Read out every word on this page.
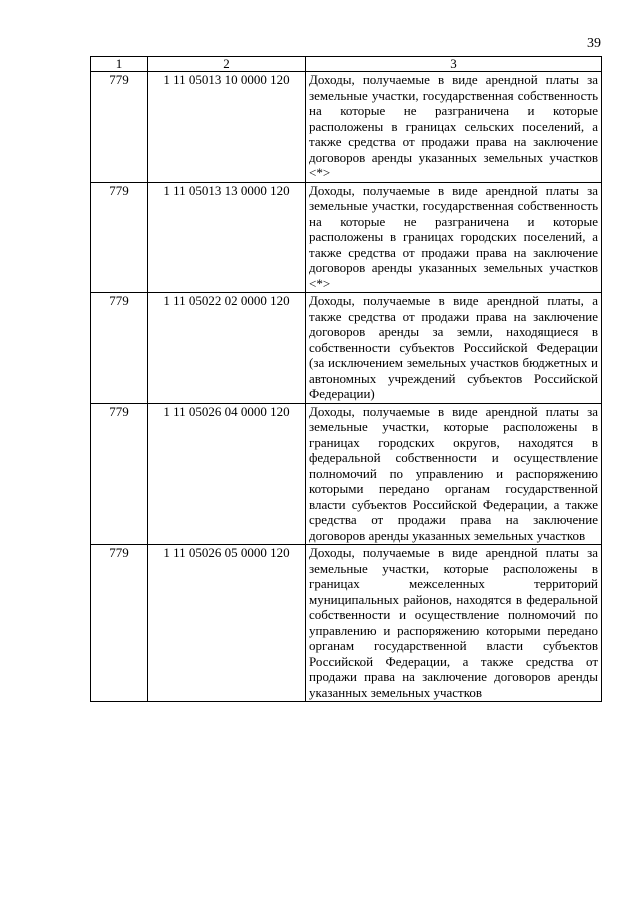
39
1	2	3
779	1 11 05013 10 0000 120	Доходы, получаемые в виде арендной платы за земельные участки, государственная собственность на которые не разграничена и которые расположены в границах сельских поселений, а также средства от продажи права на заключение договоров аренды указанных земельных участков <*>
779	1 11 05013 13 0000 120	Доходы, получаемые в виде арендной платы за земельные участки, государственная собственность на которые не разграничена и которые расположены в границах городских поселений, а также средства от продажи права на заключение договоров аренды указанных земельных участков <*>
779	1 11 05022 02 0000 120	Доходы, получаемые в виде арендной платы, а также средства от продажи права на заключение договоров аренды за земли, находящиеся в собственности субъектов Российской Федерации (за исключением земельных участков бюджетных и автономных учреждений субъектов Российской Федерации)
779	1 11 05026 04 0000 120	Доходы, получаемые в виде арендной платы за земельные участки, которые расположены в границах городских округов, находятся в федеральной собственности и осуществление полномочий по управлению и распоряжению которыми передано органам государственной власти субъектов Российской Федерации, а также средства от продажи права на заключение договоров аренды указанных земельных участков
779	1 11 05026 05 0000 120	Доходы, получаемые в виде арендной платы за земельные участки, которые расположены в границах межселенных территорий муниципальных районов, находятся в федеральной собственности и осуществление полномочий по управлению и распоряжению которыми передано органам государственной власти субъектов Российской Федерации, а также средства от продажи права на заключение договоров аренды указанных земельных участков
